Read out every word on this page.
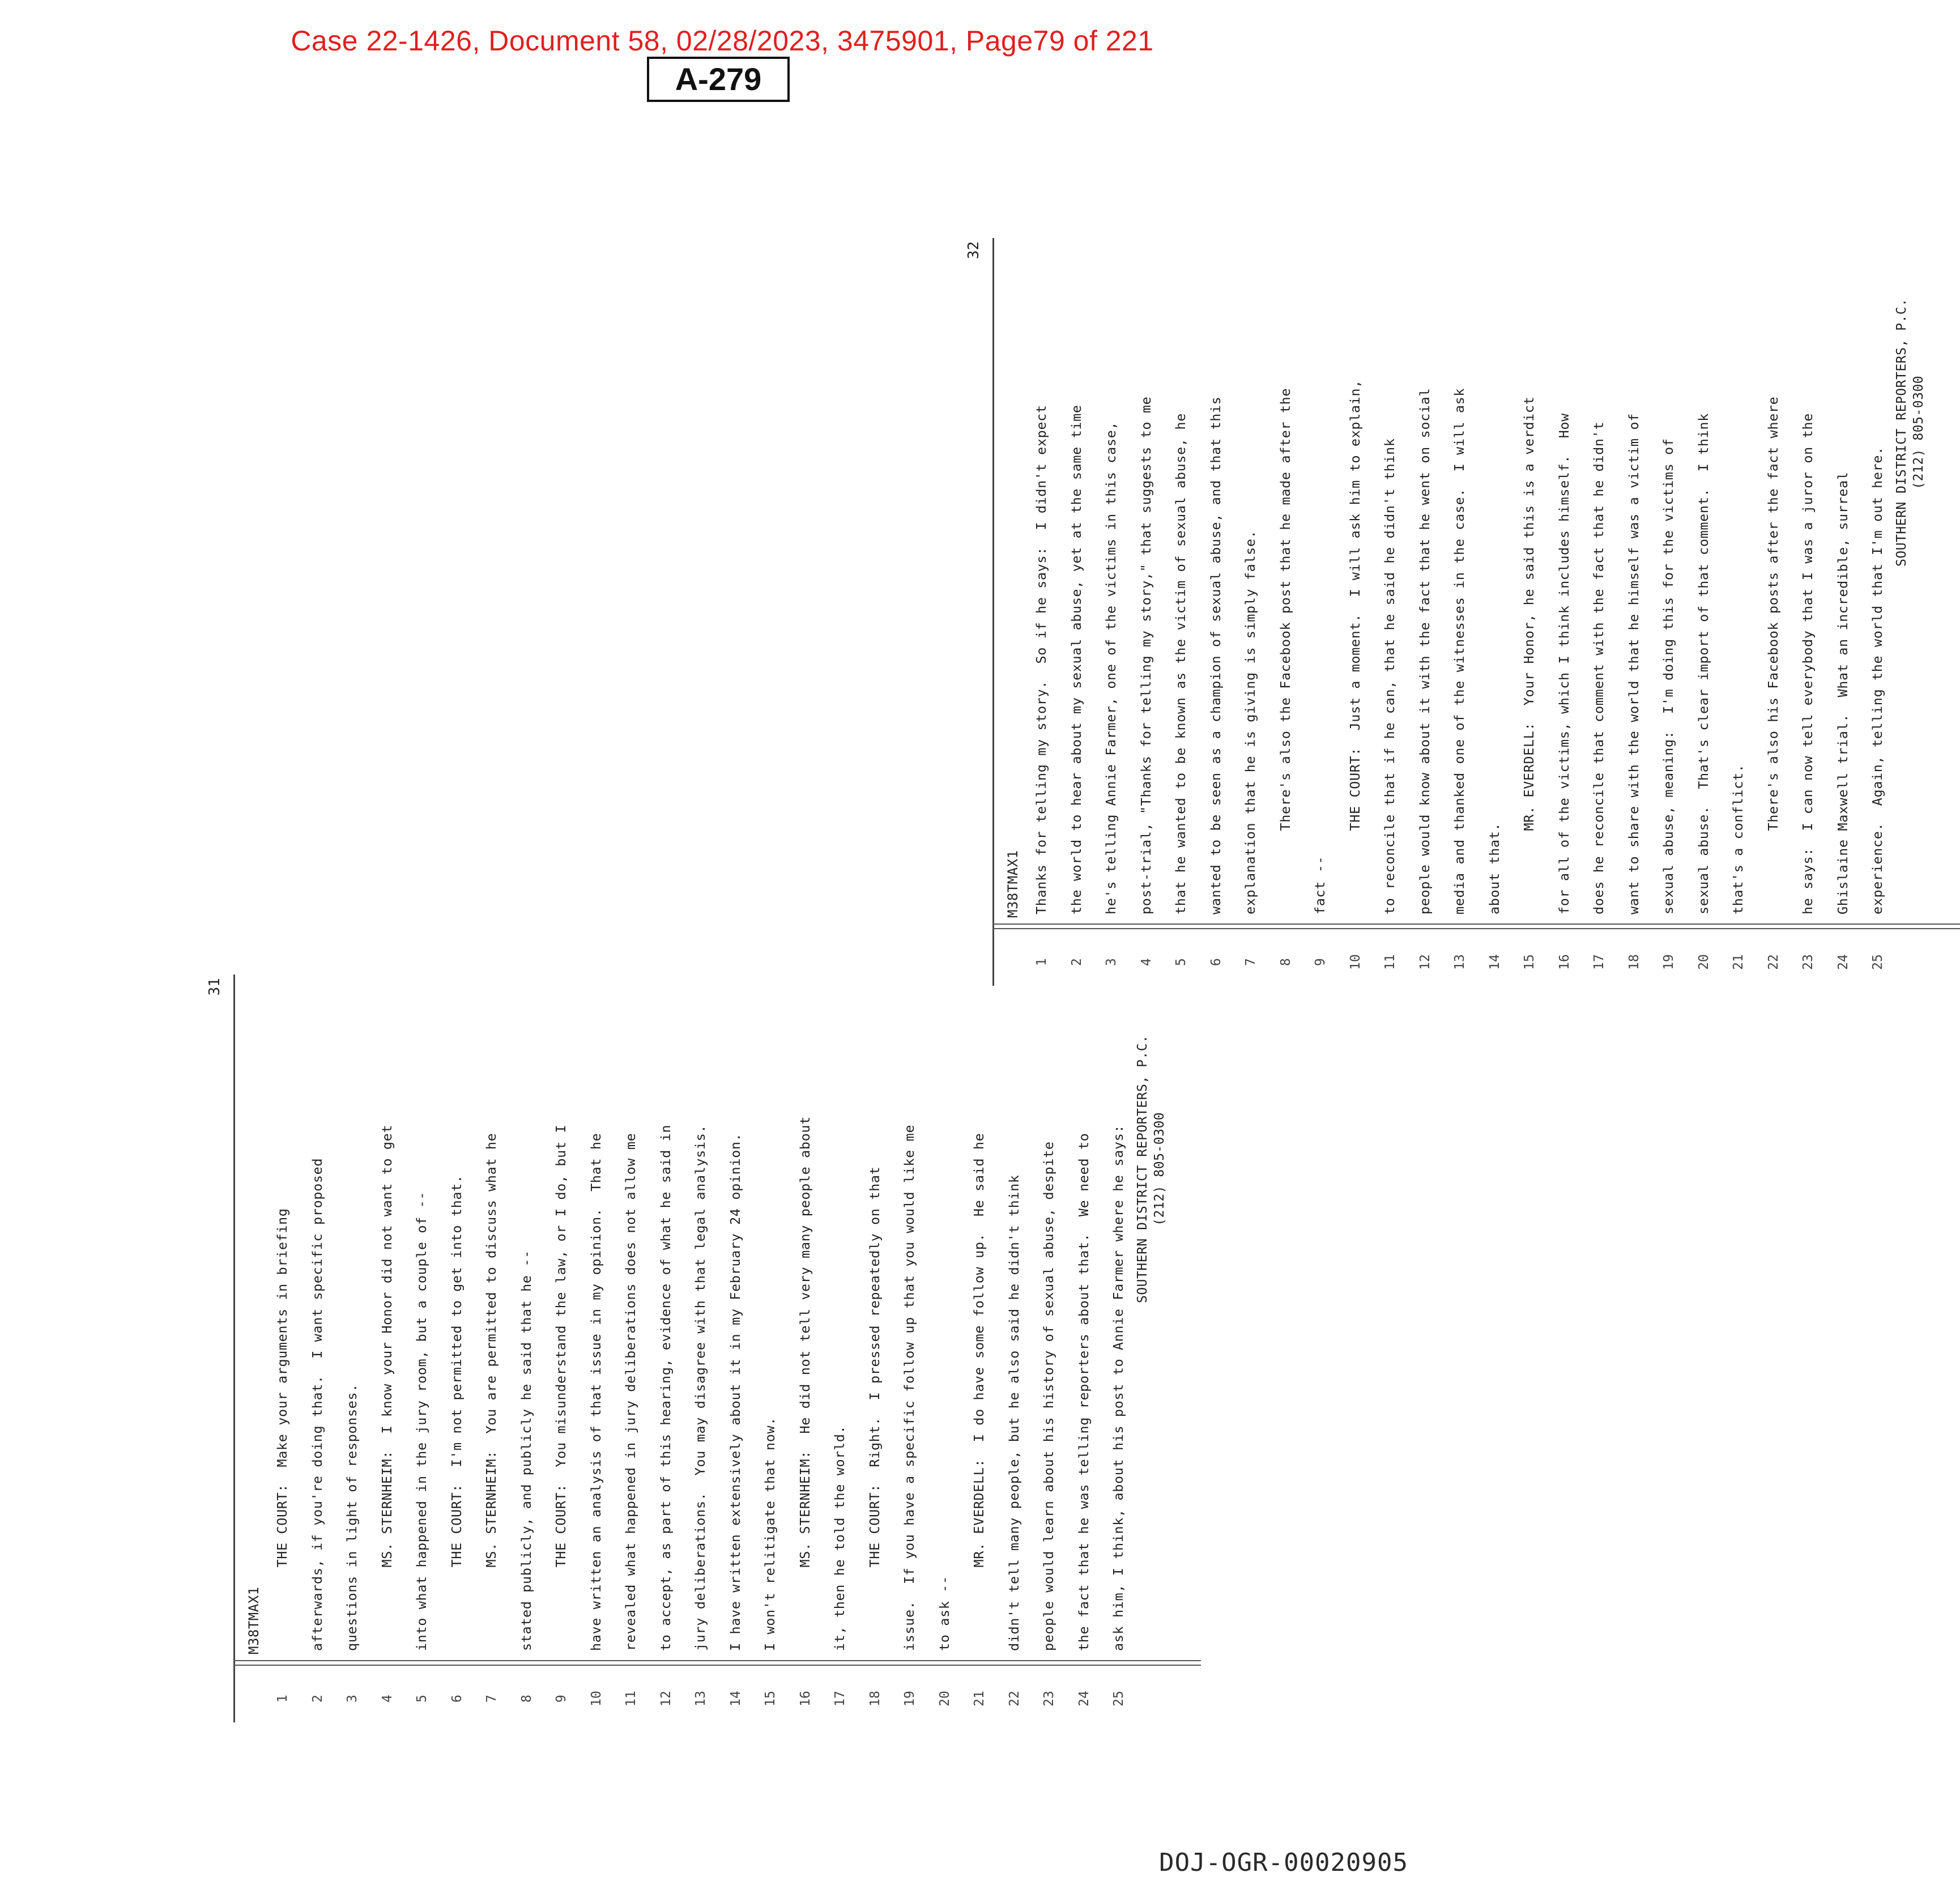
Case 22-1426, Document 58, 02/28/2023, 3475901, Page79 of 221
A-279
31
M38TMAX1
1
THE COURT:  Make your arguments in briefing
2
afterwards, if you're doing that.  I want specific proposed
3
questions in light of responses.
4
MS. STERNHEIM:  I know your Honor did not want to get
5
into what happened in the jury room, but a couple of --
6
THE COURT:  I'm not permitted to get into that.
7
MS. STERNHEIM:  You are permitted to discuss what he
8
stated publicly, and publicly he said that he --
9
THE COURT:  You misunderstand the law, or I do, but I
10
have written an analysis of that issue in my opinion.  That he
11
revealed what happened in jury deliberations does not allow me
12
to accept, as part of this hearing, evidence of what he said in
13
jury deliberations.  You may disagree with that legal analysis.
14
I have written extensively about it in my February 24 opinion.
15
I won't relitigate that now.
16
MS. STERNHEIM:  He did not tell very many people about
17
it, then he told the world.
18
THE COURT:  Right.  I pressed repeatedly on that
19
issue.  If you have a specific follow up that you would like me
20
to ask --
21
MR. EVERDELL:  I do have some follow up.  He said he
22
didn't tell many people, but he also said he didn't think
23
people would learn about his history of sexual abuse, despite
24
the fact that he was telling reporters about that.  We need to
25
ask him, I think, about his post to Annie Farmer where he says: SOUTHERN DISTRICT REPORTERS, P.C. (212) 805-0300
32
M38TMAX1
1
Thanks for telling my story.  So if he says:  I didn't expect
2
the world to hear about my sexual abuse, yet at the same time
3
he's telling Annie Farmer, one of the victims in this case,
4
post-trial, "Thanks for telling my story," that suggests to me
5
that he wanted to be known as the victim of sexual abuse, he
6
wanted to be seen as a champion of sexual abuse, and that this
7
explanation that he is giving is simply false.
8
There's also the Facebook post that he made after the
9
fact --
10
THE COURT:  Just a moment.  I will ask him to explain,
11
to reconcile that if he can, that he said he didn't think
12
people would know about it with the fact that he went on social
13
media and thanked one of the witnesses in the case.  I will ask
14
about that.
15
MR. EVERDELL:  Your Honor, he said this is a verdict
16
for all of the victims, which I think includes himself.  How
17
does he reconcile that comment with the fact that he didn't
18
want to share with the world that he himself was a victim of
19
sexual abuse, meaning:  I'm doing this for the victims of
20
sexual abuse.  That's clear import of that comment.  I think
21
that's a conflict.
22
There's also his Facebook posts after the fact where
23
he says:  I can now tell everybody that I was a juror on the
24
Ghislaine Maxwell trial.  What an incredible, surreal
25
experience.  Again, telling the world that I'm out here.
SOUTHERN DISTRICT REPORTERS, P.C. (212) 805-0300
DOJ-OGR-00020905
